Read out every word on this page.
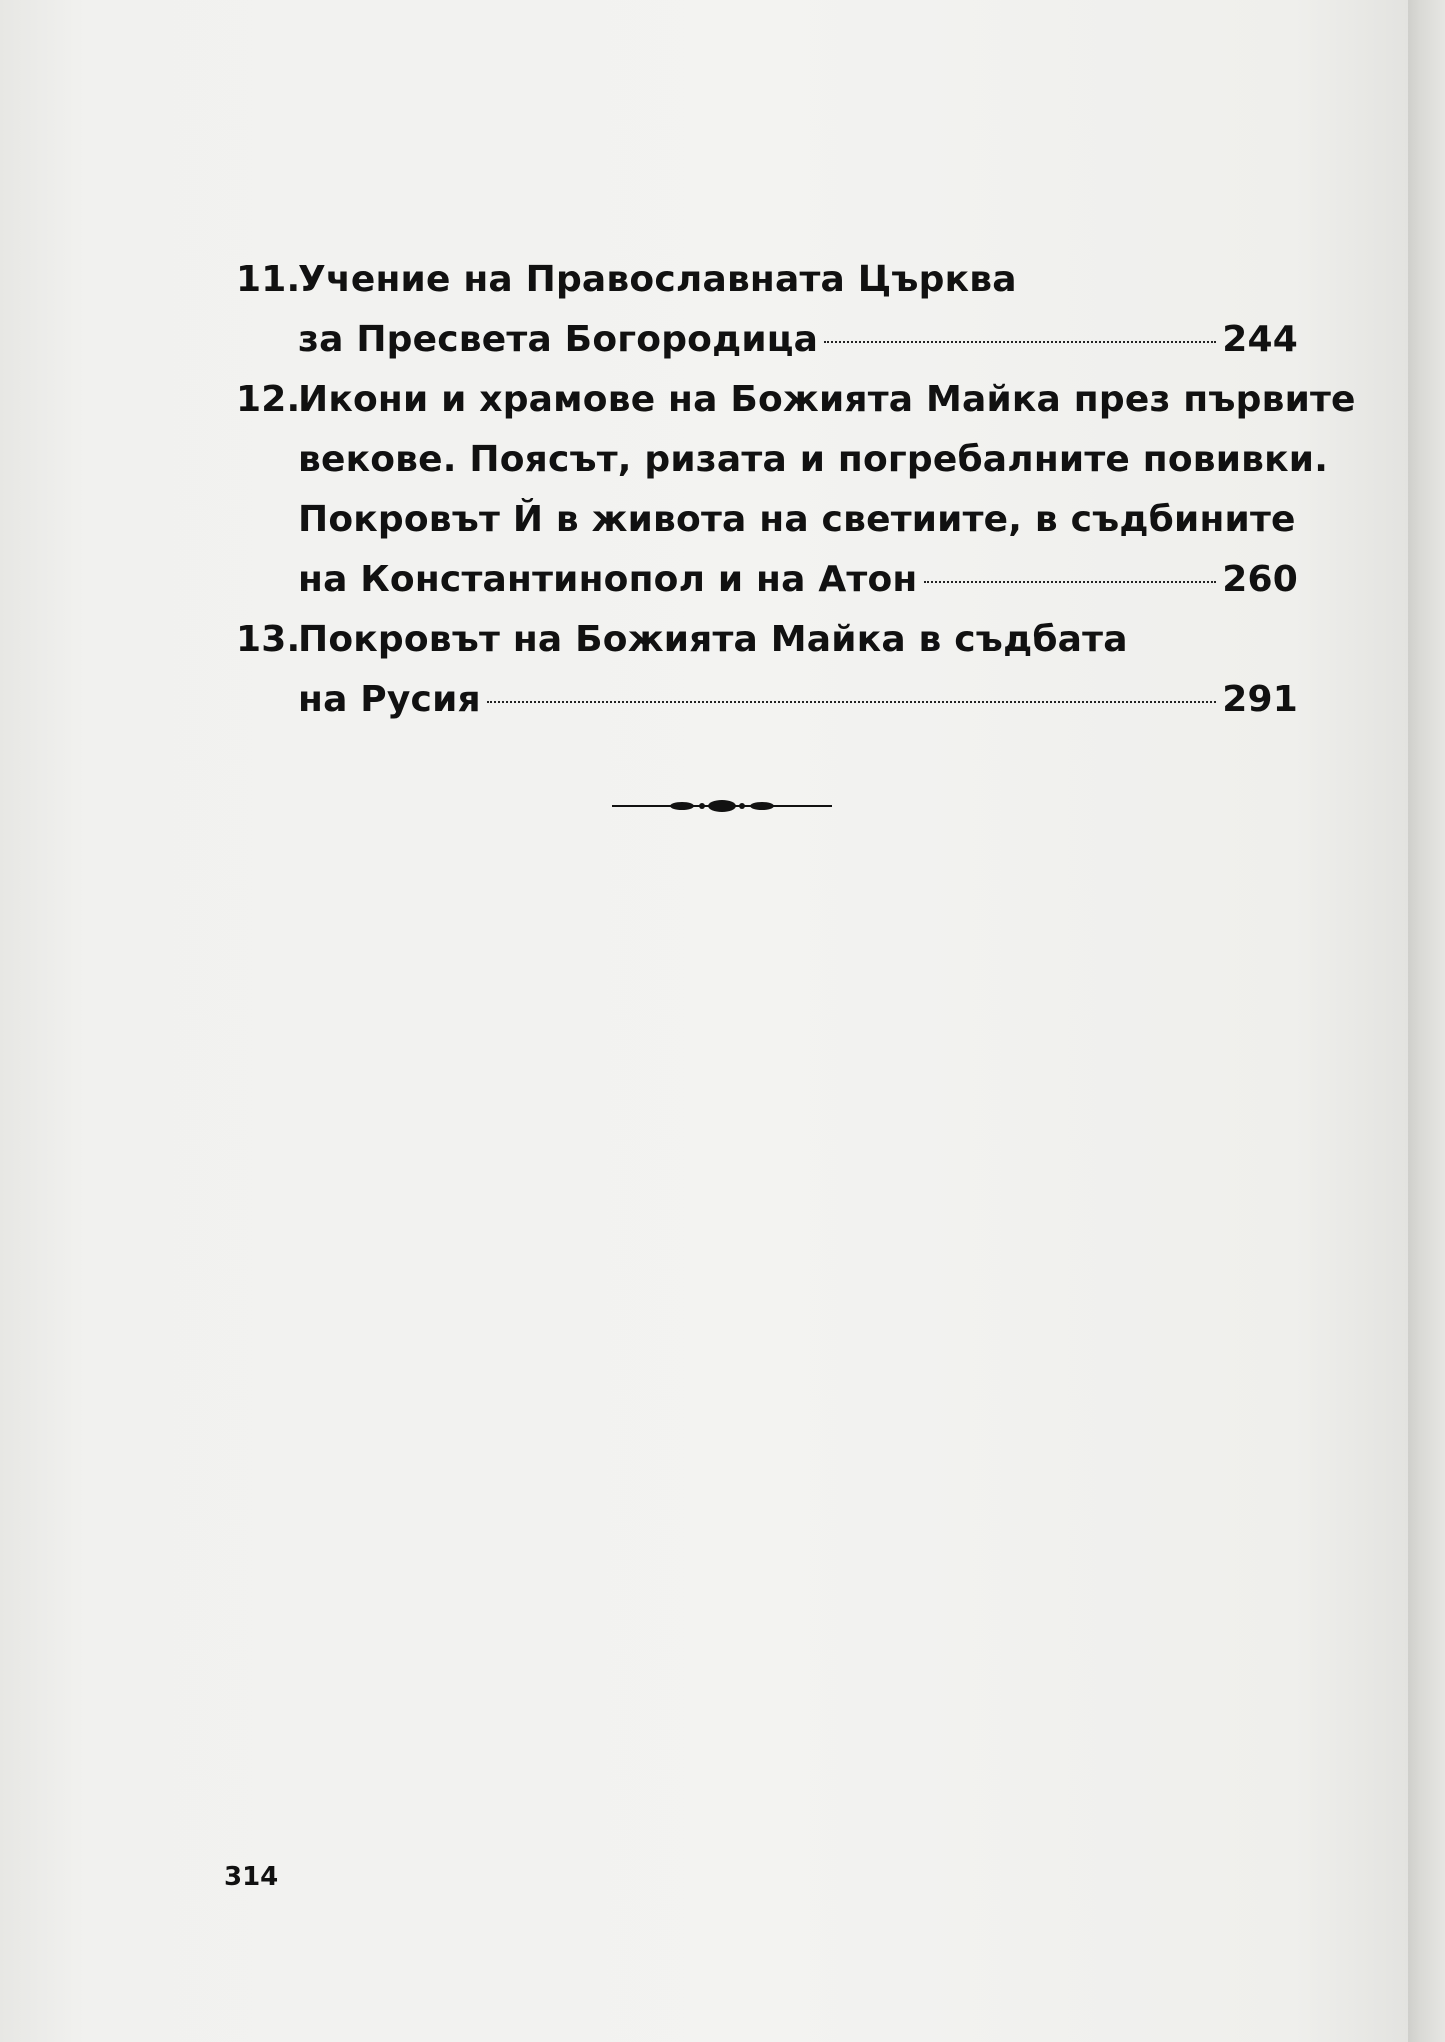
11.Учение на Православната Църква
за Пресвета Богородица	244
12.Икони и храмове на Божията Майка през първите
векове. Поясът, ризата и погребалните повивки.
Покровът Й в живота на светиите, в съдбините
на Константинопол и на Атон	260
13.Покровът на Божията Майка в съдбата
на Русия	291
314
